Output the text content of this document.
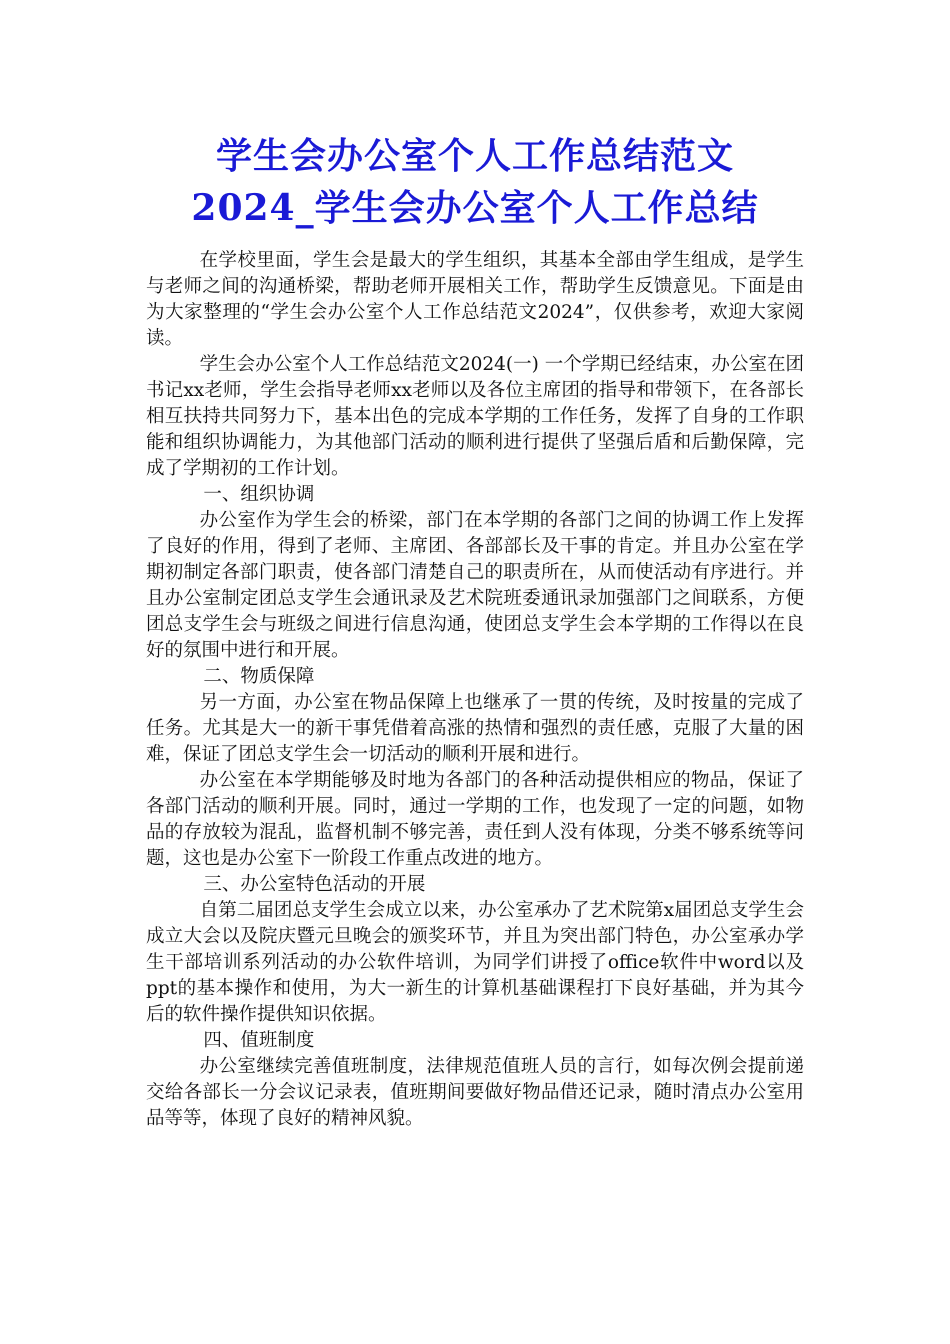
学生会办公室个人工作总结范文
2024_学生会办公室个人工作总结

在学校里面，学生会是最大的学生组织，其基本全部由学生组成，是学生与老师之间的沟通桥梁，帮助老师开展相关工作，帮助学生反馈意见。下面是由为大家整理的“学生会办公室个人工作总结范文2024”，仅供参考，欢迎大家阅读。

学生会办公室个人工作总结范文2024(一) 一个学期已经结束，办公室在团书记xx老师，学生会指导老师xx老师以及各位主席团的指导和带领下，在各部长相互扶持共同努力下，基本出色的完成本学期的工作任务，发挥了自身的工作职能和组织协调能力，为其他部门活动的顺利进行提供了坚强后盾和后勤保障，完成了学期初的工作计划。

一、组织协调

办公室作为学生会的桥梁，部门在本学期的各部门之间的协调工作上发挥了良好的作用，得到了老师、主席团、各部部长及干事的肯定。并且办公室在学期初制定各部门职责，使各部门清楚自己的职责所在，从而使活动有序进行。并且办公室制定团总支学生会通讯录及艺术院班委通讯录加强部门之间联系，方便团总支学生会与班级之间进行信息沟通，使团总支学生会本学期的工作得以在良好的氛围中进行和开展。

二、物质保障

另一方面，办公室在物品保障上也继承了一贯的传统，及时按量的完成了任务。尤其是大一的新干事凭借着高涨的热情和强烈的责任感，克服了大量的困难，保证了团总支学生会一切活动的顺利开展和进行。

办公室在本学期能够及时地为各部门的各种活动提供相应的物品，保证了各部门活动的顺利开展。同时，通过一学期的工作，也发现了一定的问题，如物品的存放较为混乱，监督机制不够完善，责任到人没有体现，分类不够系统等问题，这也是办公室下一阶段工作重点改进的地方。

三、办公室特色活动的开展

自第二届团总支学生会成立以来，办公室承办了艺术院第x届团总支学生会成立大会以及院庆暨元旦晚会的颁奖环节，并且为突出部门特色，办公室承办学生干部培训系列活动的办公软件培训，为同学们讲授了office软件中word以及ppt的基本操作和使用，为大一新生的计算机基础课程打下良好基础，并为其今后的软件操作提供知识依据。

四、值班制度

办公室继续完善值班制度，法律规范值班人员的言行，如每次例会提前递交给各部长一分会议记录表，值班期间要做好物品借还记录，随时清点办公室用品等等，体现了良好的精神风貌。
